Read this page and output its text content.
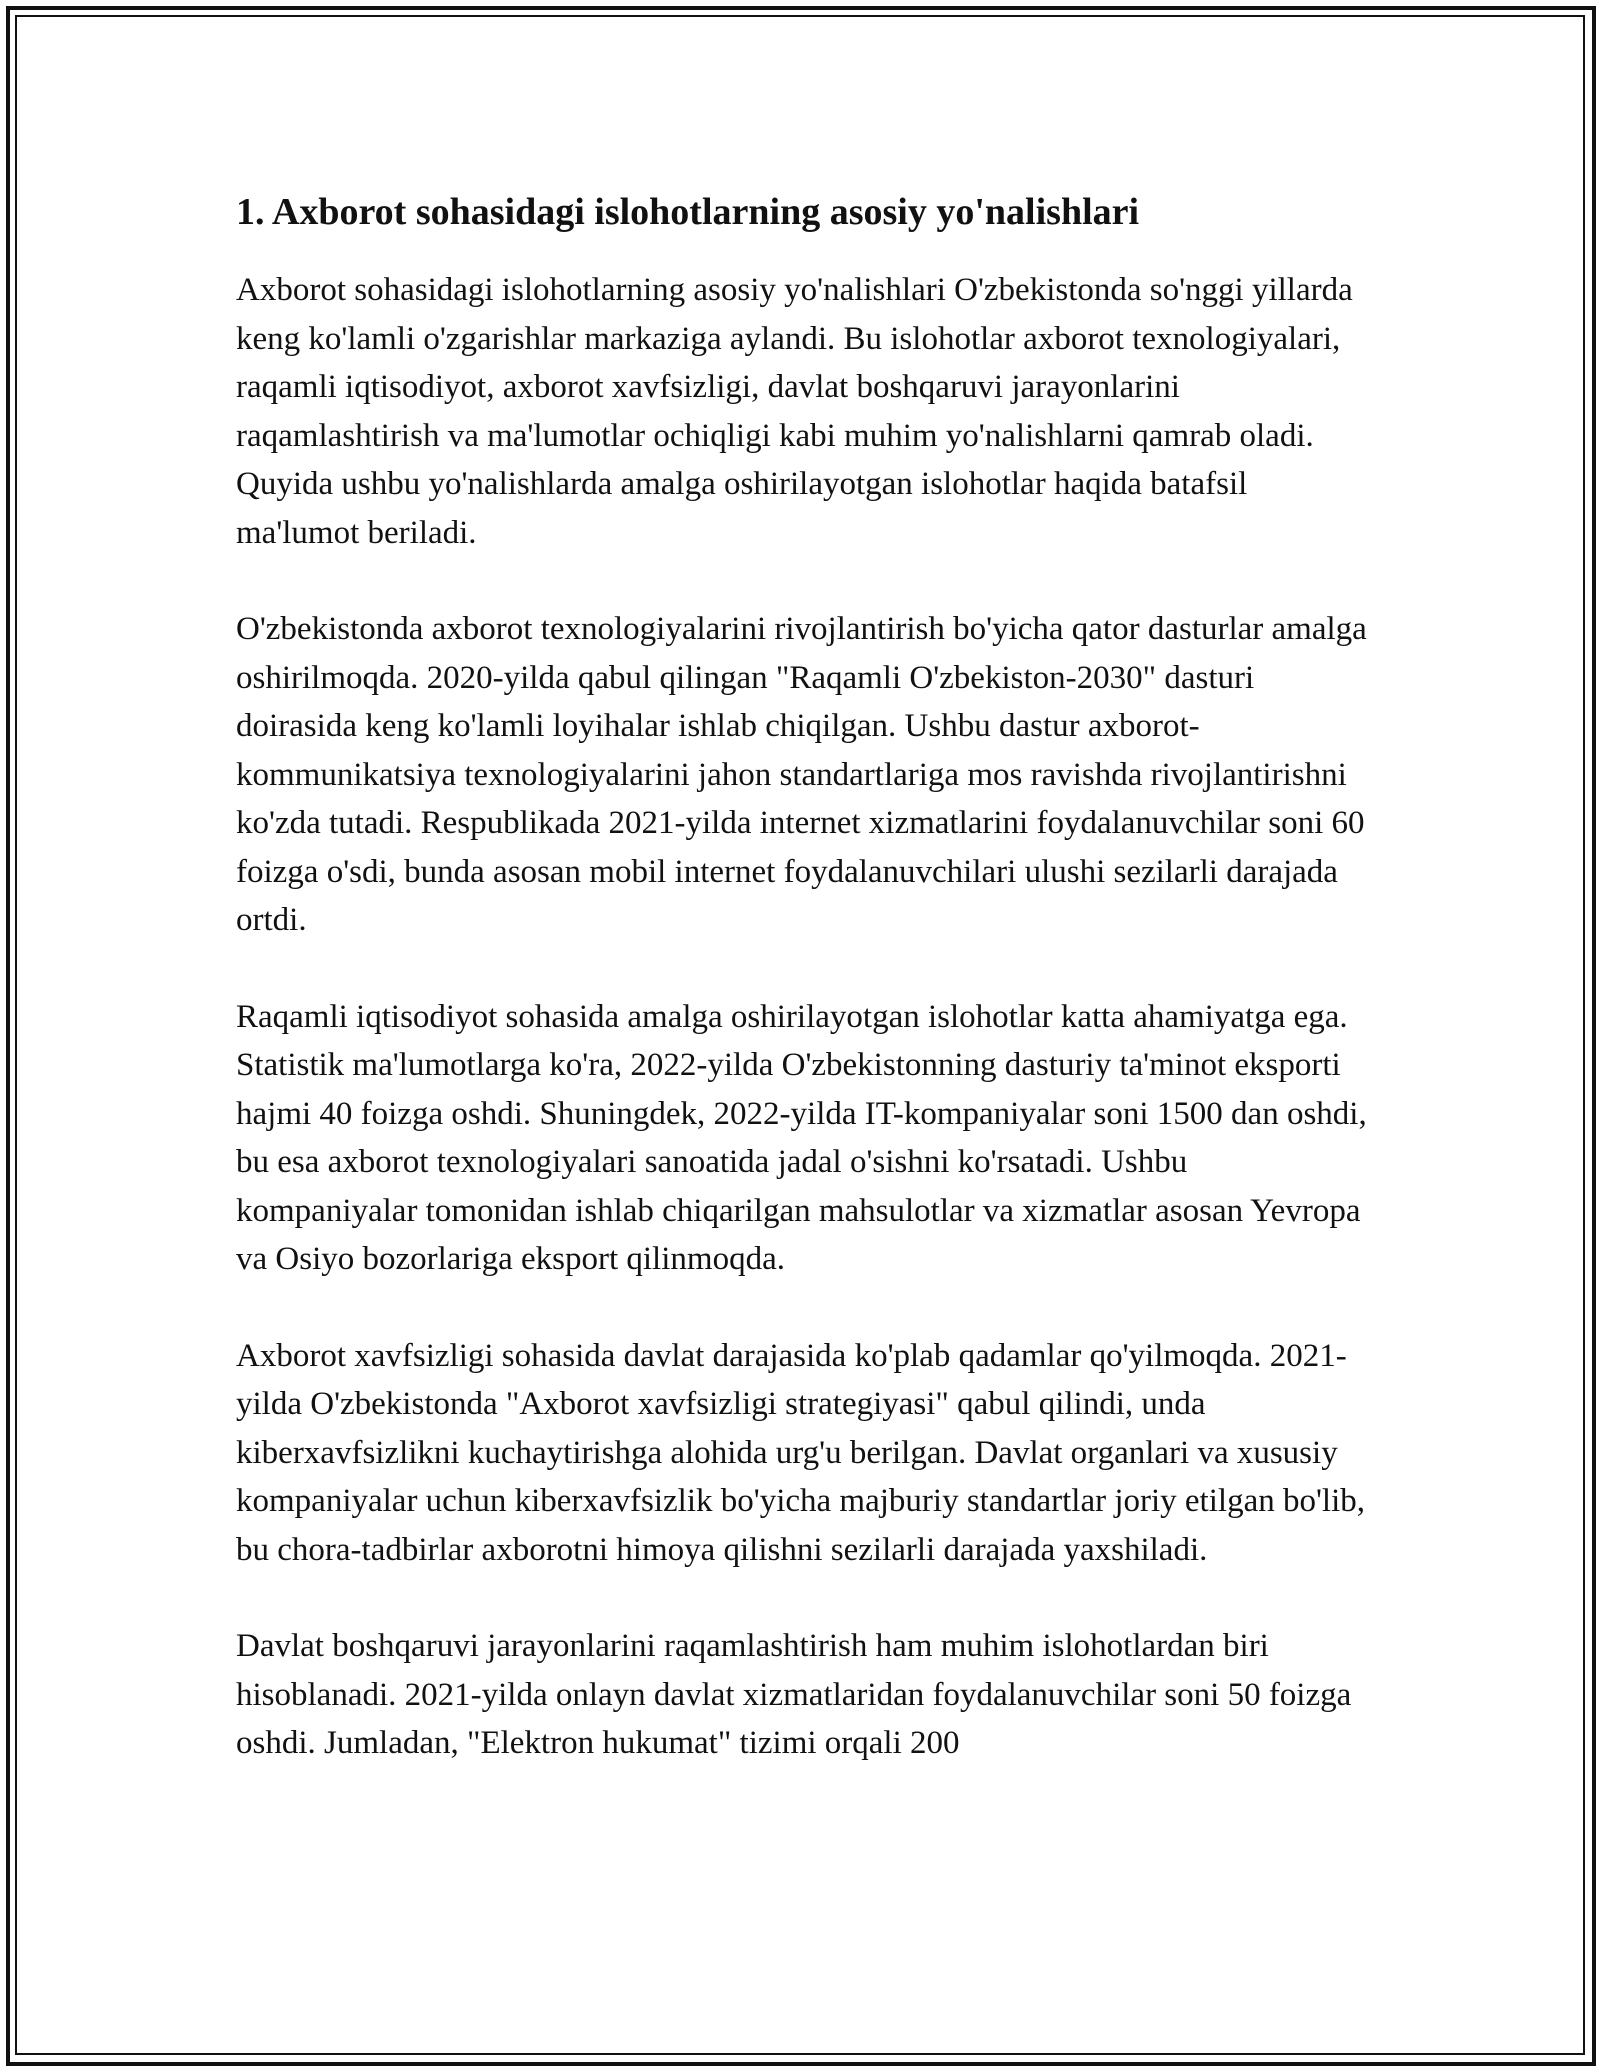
1. Axborot sohasidagi islohotlarning asosiy yo'nalishlari

Axborot sohasidagi islohotlarning asosiy yo'nalishlari O'zbekistonda so'nggi yillarda keng ko'lamli o'zgarishlar markaziga aylandi. Bu islohotlar axborot texnologiyalari, raqamli iqtisodiyot, axborot xavfsizligi, davlat boshqaruvi jarayonlarini raqamlashtirish va ma'lumotlar ochiqligi kabi muhim yo'nalishlarni qamrab oladi. Quyida ushbu yo'nalishlarda amalga oshirilayotgan islohotlar haqida batafsil ma'lumot beriladi.

O'zbekistonda axborot texnologiyalarini rivojlantirish bo'yicha qator dasturlar amalga oshirilmoqda. 2020-yilda qabul qilingan "Raqamli O'zbekiston-2030" dasturi doirasida keng ko'lamli loyihalar ishlab chiqilgan. Ushbu dastur axborot-kommunikatsiya texnologiyalarini jahon standartlariga mos ravishda rivojlantirishni ko'zda tutadi. Respublikada 2021-yilda internet xizmatlarini foydalanuvchilar soni 60 foizga o'sdi, bunda asosan mobil internet foydalanuvchilari ulushi sezilarli darajada ortdi.

Raqamli iqtisodiyot sohasida amalga oshirilayotgan islohotlar katta ahamiyatga ega. Statistik ma'lumotlarga ko'ra, 2022-yilda O'zbekistonning dasturiy ta'minot eksporti hajmi 40 foizga oshdi. Shuningdek, 2022-yilda IT-kompaniyalar soni 1500 dan oshdi, bu esa axborot texnologiyalari sanoatida jadal o'sishni ko'rsatadi. Ushbu kompaniyalar tomonidan ishlab chiqarilgan mahsulotlar va xizmatlar asosan Yevropa va Osiyo bozorlariga eksport qilinmoqda.

Axborot xavfsizligi sohasida davlat darajasida ko'plab qadamlar qo'yilmoqda. 2021-yilda O'zbekistonda "Axborot xavfsizligi strategiyasi" qabul qilindi, unda kiberxavfsizlikni kuchaytirishga alohida urg'u berilgan. Davlat organlari va xususiy kompaniyalar uchun kiberxavfsizlik bo'yicha majburiy standartlar joriy etilgan bo'lib, bu chora-tadbirlar axborotni himoya qilishni sezilarli darajada yaxshiladi.

Davlat boshqaruvi jarayonlarini raqamlashtirish ham muhim islohotlardan biri hisoblanadi. 2021-yilda onlayn davlat xizmatlaridan foydalanuvchilar soni 50 foizga oshdi. Jumladan, "Elektron hukumat" tizimi orqali 200
